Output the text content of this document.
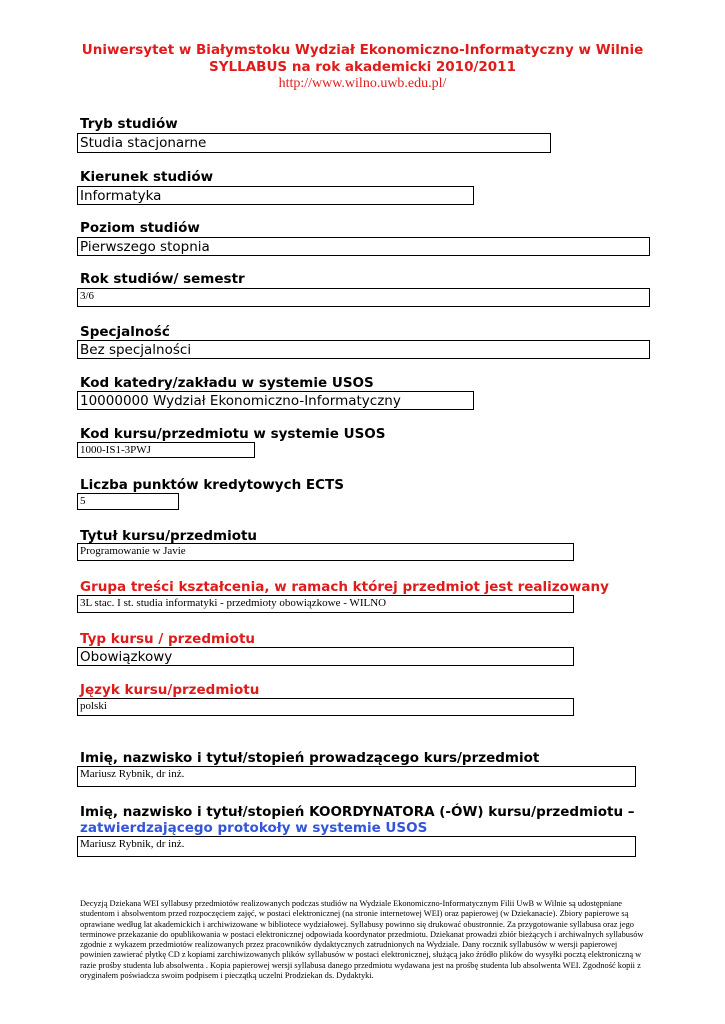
Uniwersytet w Białymstoku Wydział Ekonomiczno-Informatyczny w Wilnie
SYLLABUS na rok akademicki 2010/2011
http://www.wilno.uwb.edu.pl/
Tryb studiów
Studia stacjonarne
Kierunek studiów
Informatyka
Poziom studiów
Pierwszego stopnia
Rok studiów/ semestr
3/6
Specjalność
Bez specjalności
Kod katedry/zakładu w systemie USOS
10000000 Wydział Ekonomiczno-Informatyczny
Kod kursu/przedmiotu w systemie USOS
1000-IS1-3PWJ
Liczba punktów kredytowych ECTS
5
Tytuł kursu/przedmiotu
Programowanie w Javie
Grupa treści kształcenia, w ramach której przedmiot jest realizowany
3L stac. I st. studia informatyki - przedmioty obowiązkowe - WILNO
Typ kursu / przedmiotu
Obowiązkowy
Język kursu/przedmiotu
polski
Imię, nazwisko i tytuł/stopień prowadzącego kurs/przedmiot
Mariusz Rybnik, dr inż.
Imię, nazwisko i tytuł/stopień KOORDYNATORA (-ÓW) kursu/przedmiotu –
zatwierdzającego protokoły w systemie USOS
Mariusz Rybnik, dr inż.
Decyzją Dziekana WEI syllabusy przedmiotów realizowanych podczas studiów na Wydziale Ekonomiczno-Informatycznym Filii UwB w Wilnie są udostępniane studentom i absolwentom przed rozpoczęciem zajęć, w postaci elektronicznej (na stronie internetowej WEI) oraz papierowej (w Dziekanacie). Zbiory papierowe są oprawiane według lat akademickich i archiwizowane w bibliotece wydziałowej. Syllabusy powinno się drukować obustronnie. Za przygotowanie syllabusa oraz jego terminowe przekazanie do opublikowania w postaci elektronicznej odpowiada koordynator przedmiotu. Dziekanat prowadzi zbiór bieżących i archiwalnych syllabusów zgodnie z wykazem przedmiotów realizowanych przez pracowników dydaktycznych zatrudnionych na Wydziale. Dany rocznik syllabusów w wersji papierowej powinien zawierać płytkę CD z kopiami zarchiwizowanych plików syllabusów w postaci elektronicznej, służącą jako źródło plików do wysyłki pocztą elektroniczną w razie prośby studenta lub absolwenta . Kopia papierowej wersji syllabusa danego przedmiotu wydawana jest na prośbę studenta lub absolwenta WEI. Zgodność kopii z oryginałem poświadcza swoim podpisem i pieczątką uczelni Prodziekan ds. Dydaktyki.
